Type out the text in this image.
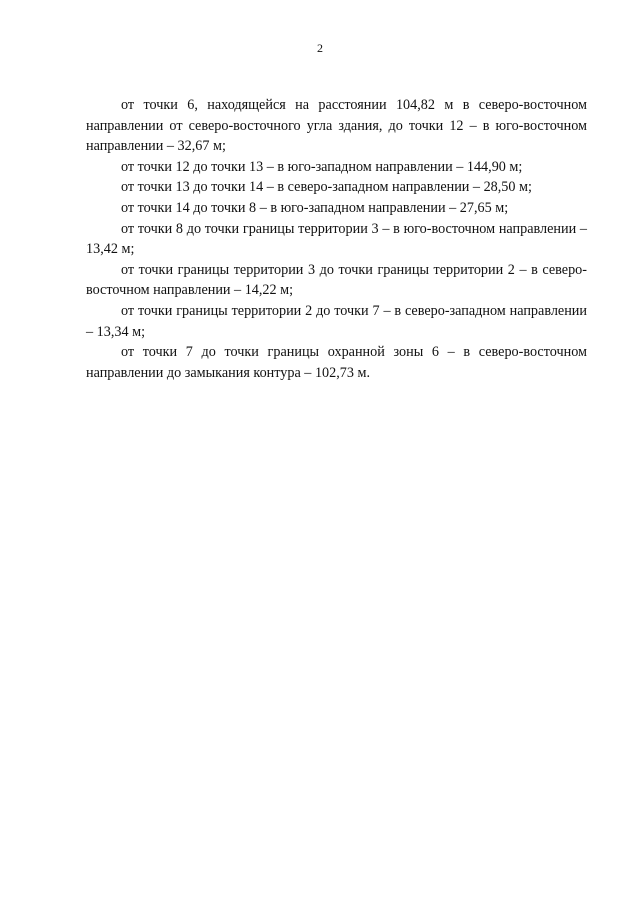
2

от точки 6, находящейся на расстоянии 104,82 м в северо-восточном направлении от северо-восточного угла здания, до точки 12 – в юго-восточном направлении – 32,67 м;

от точки 12 до точки 13 – в юго-западном направлении – 144,90 м;

от точки 13 до точки 14 – в северо-западном направлении – 28,50 м;

от точки 14 до точки 8 – в юго-западном направлении – 27,65 м;

от точки 8 до точки границы территории 3 – в юго-восточном направлении – 13,42 м;

от точки границы территории 3 до точки границы территории 2 – в северо-восточном направлении – 14,22 м;

от точки границы территории 2 до точки 7 – в северо-западном направлении – 13,34 м;

от точки 7 до точки границы охранной зоны 6 – в северо-восточном направлении до замыкания контура – 102,73 м.
